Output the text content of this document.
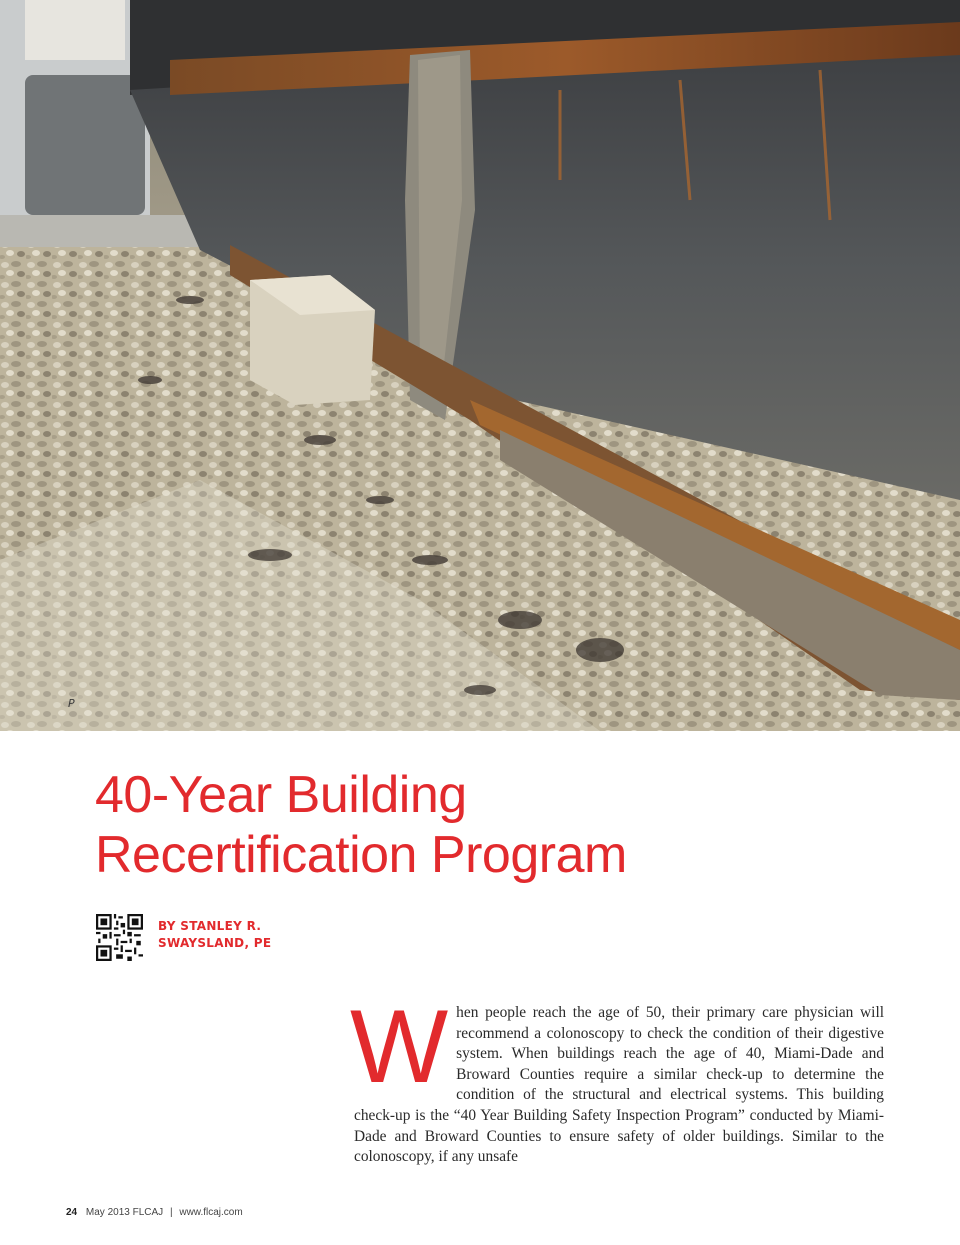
P
40-Year Building
Recertification Program
BY STANLEY R.
SWAYSLAND, PE
W hen people reach the age of 50, their primary care physician will recommend a colonoscopy to check the condition of their digestive system. When buildings reach the age of 40, Miami-Dade and Broward Counties require a similar check-up to determine the condition of the structural and electrical systems. This building check-up is the “40 Year Building Safety Inspection Program” conducted by Miami-Dade and Broward Counties to ensure safety of older buildings. Similar to the colonoscopy, if any unsafe

24 May 2013 FLCAJ | www.flcaj.com
